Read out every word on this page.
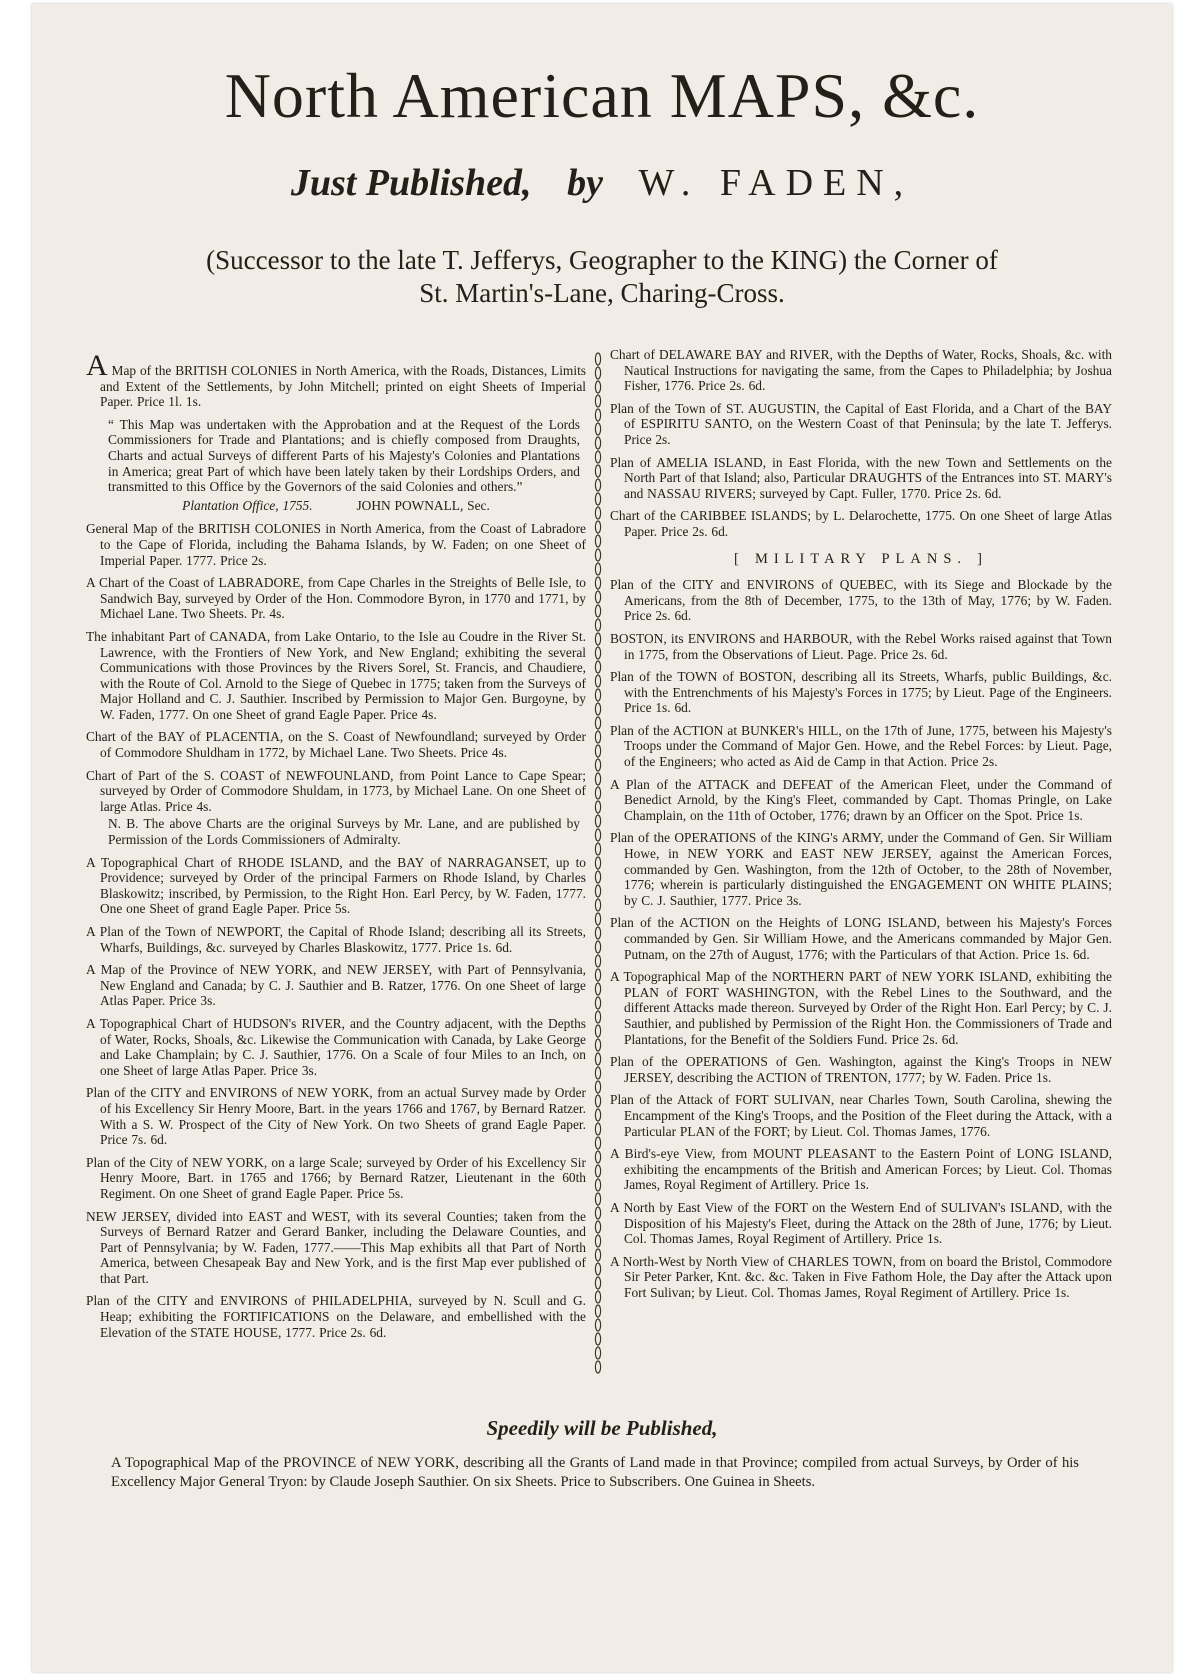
North American MAPS, &c.
Just Published, by W. FADEN,
(Successor to the late T. Jefferys, Geographer to the KING) the Corner of
St. Martin's-Lane, Charing-Cross.

A Map of the BRITISH COLONIES in North America, with the Roads, Distances, Limits and Extent of the Settlements, by John Mitchell; printed on eight Sheets of Imperial Paper. Price 1l. 1s.

“ This Map was undertaken with the Approbation and at the Request of the Lords Commissioners for Trade and Plantations; and is chiefly composed from Draughts, Charts and actual Surveys of different Parts of his Majesty's Colonies and Plantations in America; great Part of which have been lately taken by their Lordships Orders, and transmitted to this Office by the Governors of the said Colonies and others.”

Plantation Office, 1755.	JOHN POWNALL, Sec.

General Map of the BRITISH COLONIES in North America, from the Coast of Labradore to the Cape of Florida, including the Bahama Islands, by W. Faden; on one Sheet of Imperial Paper. 1777. Price 2s.

A Chart of the Coast of LABRADORE, from Cape Charles in the Streights of Belle Isle, to Sandwich Bay, surveyed by Order of the Hon. Commodore Byron, in 1770 and 1771, by Michael Lane. Two Sheets. Pr. 4s.

The inhabitant Part of CANADA, from Lake Ontario, to the Isle au Coudre in the River St. Lawrence, with the Frontiers of New York, and New England; exhibiting the several Communications with those Provinces by the Rivers Sorel, St. Francis, and Chaudiere, with the Route of Col. Arnold to the Siege of Quebec in 1775; taken from the Surveys of Major Holland and C. J. Sauthier. Inscribed by Permission to Major Gen. Burgoyne, by W. Faden, 1777. On one Sheet of grand Eagle Paper. Price 4s.

Chart of the BAY of PLACENTIA, on the S. Coast of Newfoundland; surveyed by Order of Commodore Shuldham in 1772, by Michael Lane. Two Sheets. Price 4s.

Chart of Part of the S. COAST of NEWFOUNLAND, from Point Lance to Cape Spear; surveyed by Order of Commodore Shuldam, in 1773, by Michael Lane. On one Sheet of large Atlas. Price 4s.

N. B. The above Charts are the original Surveys by Mr. Lane, and are published by Permission of the Lords Commissioners of Admiralty.

A Topographical Chart of RHODE ISLAND, and the BAY of NARRAGANSET, up to Providence; surveyed by Order of the principal Farmers on Rhode Island, by Charles Blaskowitz; inscribed, by Permission, to the Right Hon. Earl Percy, by W. Faden, 1777. One one Sheet of grand Eagle Paper. Price 5s.

A Plan of the Town of NEWPORT, the Capital of Rhode Island; describing all its Streets, Wharfs, Buildings, &c. surveyed by Charles Blaskowitz, 1777. Price 1s. 6d.

A Map of the Province of NEW YORK, and NEW JERSEY, with Part of Pennsylvania, New England and Canada; by C. J. Sauthier and B. Ratzer, 1776. On one Sheet of large Atlas Paper. Price 3s.

A Topographical Chart of HUDSON's RIVER, and the Country adjacent, with the Depths of Water, Rocks, Shoals, &c. Likewise the Communication with Canada, by Lake George and Lake Champlain; by C. J. Sauthier, 1776. On a Scale of four Miles to an Inch, on one Sheet of large Atlas Paper. Price 3s.

Plan of the CITY and ENVIRONS of NEW YORK, from an actual Survey made by Order of his Excellency Sir Henry Moore, Bart. in the years 1766 and 1767, by Bernard Ratzer. With a S. W. Prospect of the City of New York. On two Sheets of grand Eagle Paper. Price 7s. 6d.

Plan of the City of NEW YORK, on a large Scale; surveyed by Order of his Excellency Sir Henry Moore, Bart. in 1765 and 1766; by Bernard Ratzer, Lieutenant in the 60th Regiment. On one Sheet of grand Eagle Paper. Price 5s.

NEW JERSEY, divided into EAST and WEST, with its several Counties; taken from the Surveys of Bernard Ratzer and Gerard Banker, including the Delaware Counties, and Part of Pennsylvania; by W. Faden, 1777.——This Map exhibits all that Part of North America, between Chesapeak Bay and New York, and is the first Map ever published of that Part.

Plan of the CITY and ENVIRONS of PHILADELPHIA, surveyed by N. Scull and G. Heap; exhibiting the FORTIFICATIONS on the Delaware, and embellished with the Elevation of the STATE HOUSE, 1777. Price 2s. 6d.

Chart of DELAWARE BAY and RIVER, with the Depths of Water, Rocks, Shoals, &c. with Nautical Instructions for navigating the same, from the Capes to Philadelphia; by Joshua Fisher, 1776. Price 2s. 6d.

Plan of the Town of ST. AUGUSTIN, the Capital of East Florida, and a Chart of the BAY of ESPIRITU SANTO, on the Western Coast of that Peninsula; by the late T. Jefferys. Price 2s.

Plan of AMELIA ISLAND, in East Florida, with the new Town and Settlements on the North Part of that Island; also, Particular DRAUGHTS of the Entrances into ST. MARY's and NASSAU RIVERS; surveyed by Capt. Fuller, 1770. Price 2s. 6d.

Chart of the CARIBBEE ISLANDS; by L. Delarochette, 1775. On one Sheet of large Atlas Paper. Price 2s. 6d.

[ MILITARY PLANS. ]

Plan of the CITY and ENVIRONS of QUEBEC, with its Siege and Blockade by the Americans, from the 8th of December, 1775, to the 13th of May, 1776; by W. Faden. Price 2s. 6d.

BOSTON, its ENVIRONS and HARBOUR, with the Rebel Works raised against that Town in 1775, from the Observations of Lieut. Page. Price 2s. 6d.

Plan of the TOWN of BOSTON, describing all its Streets, Wharfs, public Buildings, &c. with the Entrenchments of his Majesty's Forces in 1775; by Lieut. Page of the Engineers. Price 1s. 6d.

Plan of the ACTION at BUNKER's HILL, on the 17th of June, 1775, between his Majesty's Troops under the Command of Major Gen. Howe, and the Rebel Forces: by Lieut. Page, of the Engineers; who acted as Aid de Camp in that Action. Price 2s.

A Plan of the ATTACK and DEFEAT of the American Fleet, under the Command of Benedict Arnold, by the King's Fleet, commanded by Capt. Thomas Pringle, on Lake Champlain, on the 11th of October, 1776; drawn by an Officer on the Spot. Price 1s.

Plan of the OPERATIONS of the KING's ARMY, under the Command of Gen. Sir William Howe, in NEW YORK and EAST NEW JERSEY, against the American Forces, commanded by Gen. Washington, from the 12th of October, to the 28th of November, 1776; wherein is particularly distinguished the ENGAGEMENT ON WHITE PLAINS; by C. J. Sauthier, 1777. Price 3s.

Plan of the ACTION on the Heights of LONG ISLAND, between his Majesty's Forces commanded by Gen. Sir William Howe, and the Americans commanded by Major Gen. Putnam, on the 27th of August, 1776; with the Particulars of that Action. Price 1s. 6d.

A Topographical Map of the NORTHERN PART of NEW YORK ISLAND, exhibiting the PLAN of FORT WASHINGTON, with the Rebel Lines to the Southward, and the different Attacks made thereon. Surveyed by Order of the Right Hon. Earl Percy; by C. J. Sauthier, and published by Permission of the Right Hon. the Commissioners of Trade and Plantations, for the Benefit of the Soldiers Fund. Price 2s. 6d.

Plan of the OPERATIONS of Gen. Washington, against the King's Troops in NEW JERSEY, describing the ACTION of TRENTON, 1777; by W. Faden. Price 1s.

Plan of the Attack of FORT SULIVAN, near Charles Town, South Carolina, shewing the Encampment of the King's Troops, and the Position of the Fleet during the Attack, with a Particular PLAN of the FORT; by Lieut. Col. Thomas James, 1776.

A Bird's-eye View, from MOUNT PLEASANT to the Eastern Point of LONG ISLAND, exhibiting the encampments of the British and American Forces; by Lieut. Col. Thomas James, Royal Regiment of Artillery. Price 1s.

A North by East View of the FORT on the Western End of SULIVAN's ISLAND, with the Disposition of his Majesty's Fleet, during the Attack on the 28th of June, 1776; by Lieut. Col. Thomas James, Royal Regiment of Artillery. Price 1s.

A North-West by North View of CHARLES TOWN, from on board the Bristol, Commodore Sir Peter Parker, Knt. &c. &c. Taken in Five Fathom Hole, the Day after the Attack upon Fort Sulivan; by Lieut. Col. Thomas James, Royal Regiment of Artillery. Price 1s.

Speedily will be Published,
A Topographical Map of the PROVINCE of NEW YORK, describing all the Grants of Land made in that Province; compiled from actual Surveys, by Order of his Excellency Major General Tryon: by Claude Joseph Sauthier. On six Sheets. Price to Subscribers. One Guinea in Sheets.
